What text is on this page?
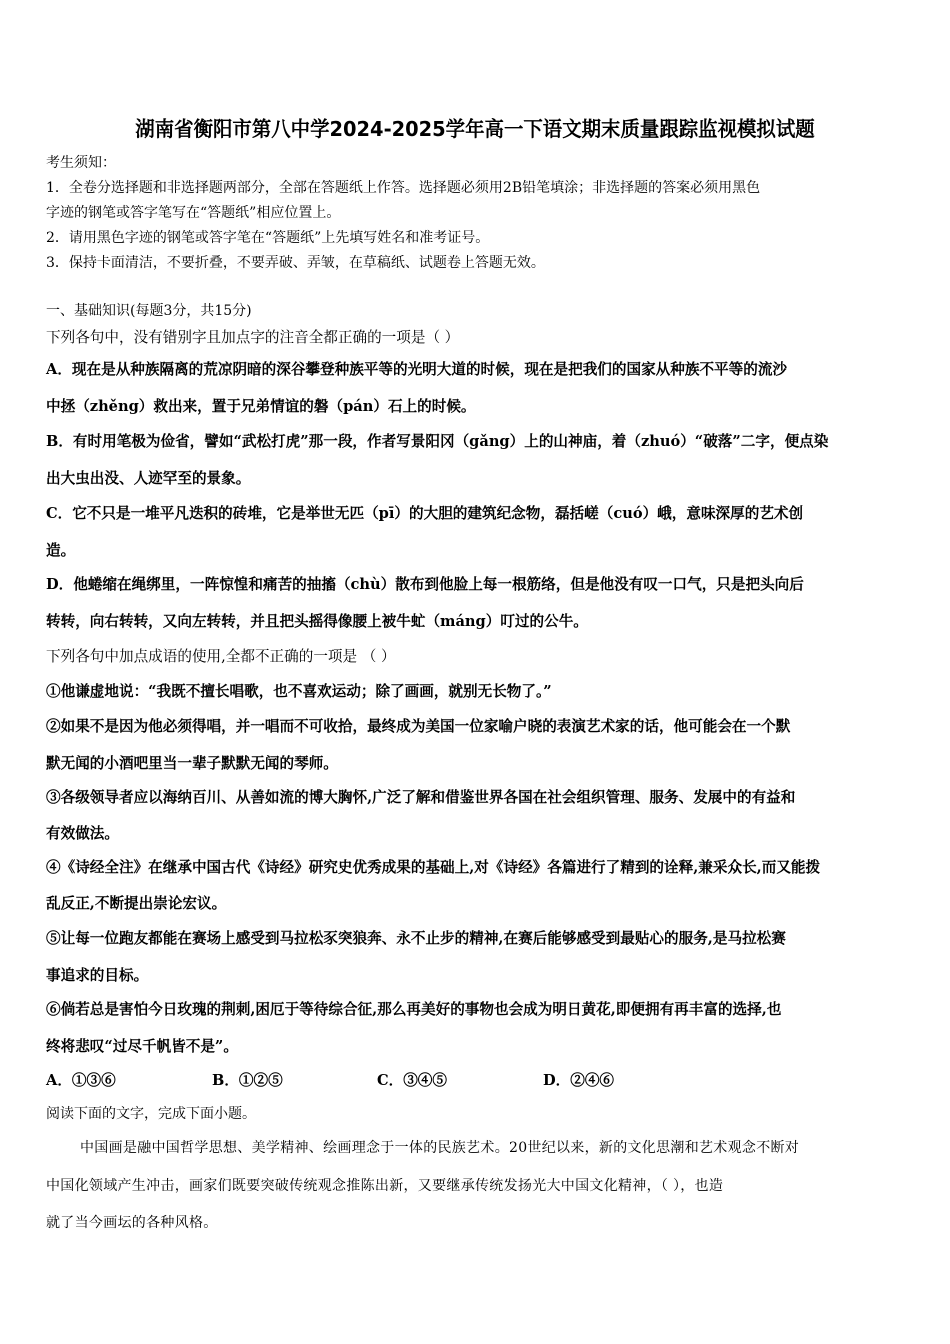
湖南省衡阳市第八中学2024-2025学年高一下语文期末质量跟踪监视模拟试题
考生须知：
1．全卷分选择题和非选择题两部分，全部在答题纸上作答。选择题必须用2B铅笔填涂；非选择题的答案必须用黑色
字迹的钢笔或答字笔写在“答题纸”相应位置上。
2．请用黑色字迹的钢笔或答字笔在“答题纸”上先填写姓名和准考证号。
3．保持卡面清洁，不要折叠，不要弄破、弄皱，在草稿纸、试题卷上答题无效。
一、基础知识(每题3分，共15分)
下列各句中，没有错别字且加点字的注音全都正确的一项是（ ）
A．现在是从种族隔离的荒凉阴暗的深谷攀登种族平等的光明大道的时候，现在是把我们的国家从种族不平等的流沙
中拯（zhěng）救出来，置于兄弟情谊的磐（pán）石上的时候。
B．有时用笔极为俭省，譬如“武松打虎”那一段，作者写景阳冈（gǎng）上的山神庙，着（zhuó）“破落”二字，便点染
出大虫出没、人迹罕至的景象。
C．它不只是一堆平凡迭积的砖堆，它是举世无匹（pī）的大胆的建筑纪念物，磊括嵯（cuó）峨，意味深厚的艺术创
造。
D．他蜷缩在绳绑里，一阵惊惶和痛苦的抽搐（chù）散布到他脸上每一根筋络，但是他没有叹一口气，只是把头向后
转转，向右转转，又向左转转，并且把头摇得像腰上被牛虻（máng）叮过的公牛。
下列各句中加点成语的使用,全都不正确的一项是 （ ）
①他谦虚地说：“我既不擅长唱歌，也不喜欢运动；除了画画，就别无长物了。”
②如果不是因为他必须得唱，并一唱而不可收拾，最终成为美国一位家喻户晓的表演艺术家的话，他可能会在一个默
默无闻的小酒吧里当一辈子默默无闻的琴师。
③各级领导者应以海纳百川、从善如流的博大胸怀,广泛了解和借鉴世界各国在社会组织管理、服务、发展中的有益和
有效做法。
④《诗经全注》在继承中国古代《诗经》研究史优秀成果的基础上,对《诗经》各篇进行了精到的诠释,兼采众长,而又能拨
乱反正,不断提出崇论宏议。
⑤让每一位跑友都能在赛场上感受到马拉松豕突狼奔、永不止步的精神,在赛后能够感受到最贴心的服务,是马拉松赛
事追求的目标。
⑥倘若总是害怕今日玫瑰的荆刺,困厄于等待综合征,那么再美好的事物也会成为明日黄花,即便拥有再丰富的选择,也
终将悲叹“过尽千帆皆不是”。
A．①③⑥	B．①②⑤	C．③④⑤	D．②④⑥
阅读下面的文字，完成下面小题。
中国画是融中国哲学思想、美学精神、绘画理念于一体的民族艺术。20世纪以来，新的文化思潮和艺术观念不断对
中国化领域产生冲击，画家们既要突破传统观念推陈出新，又要继承传统发扬光大中国文化精神，（ ），也造
就了当今画坛的各种风格。
